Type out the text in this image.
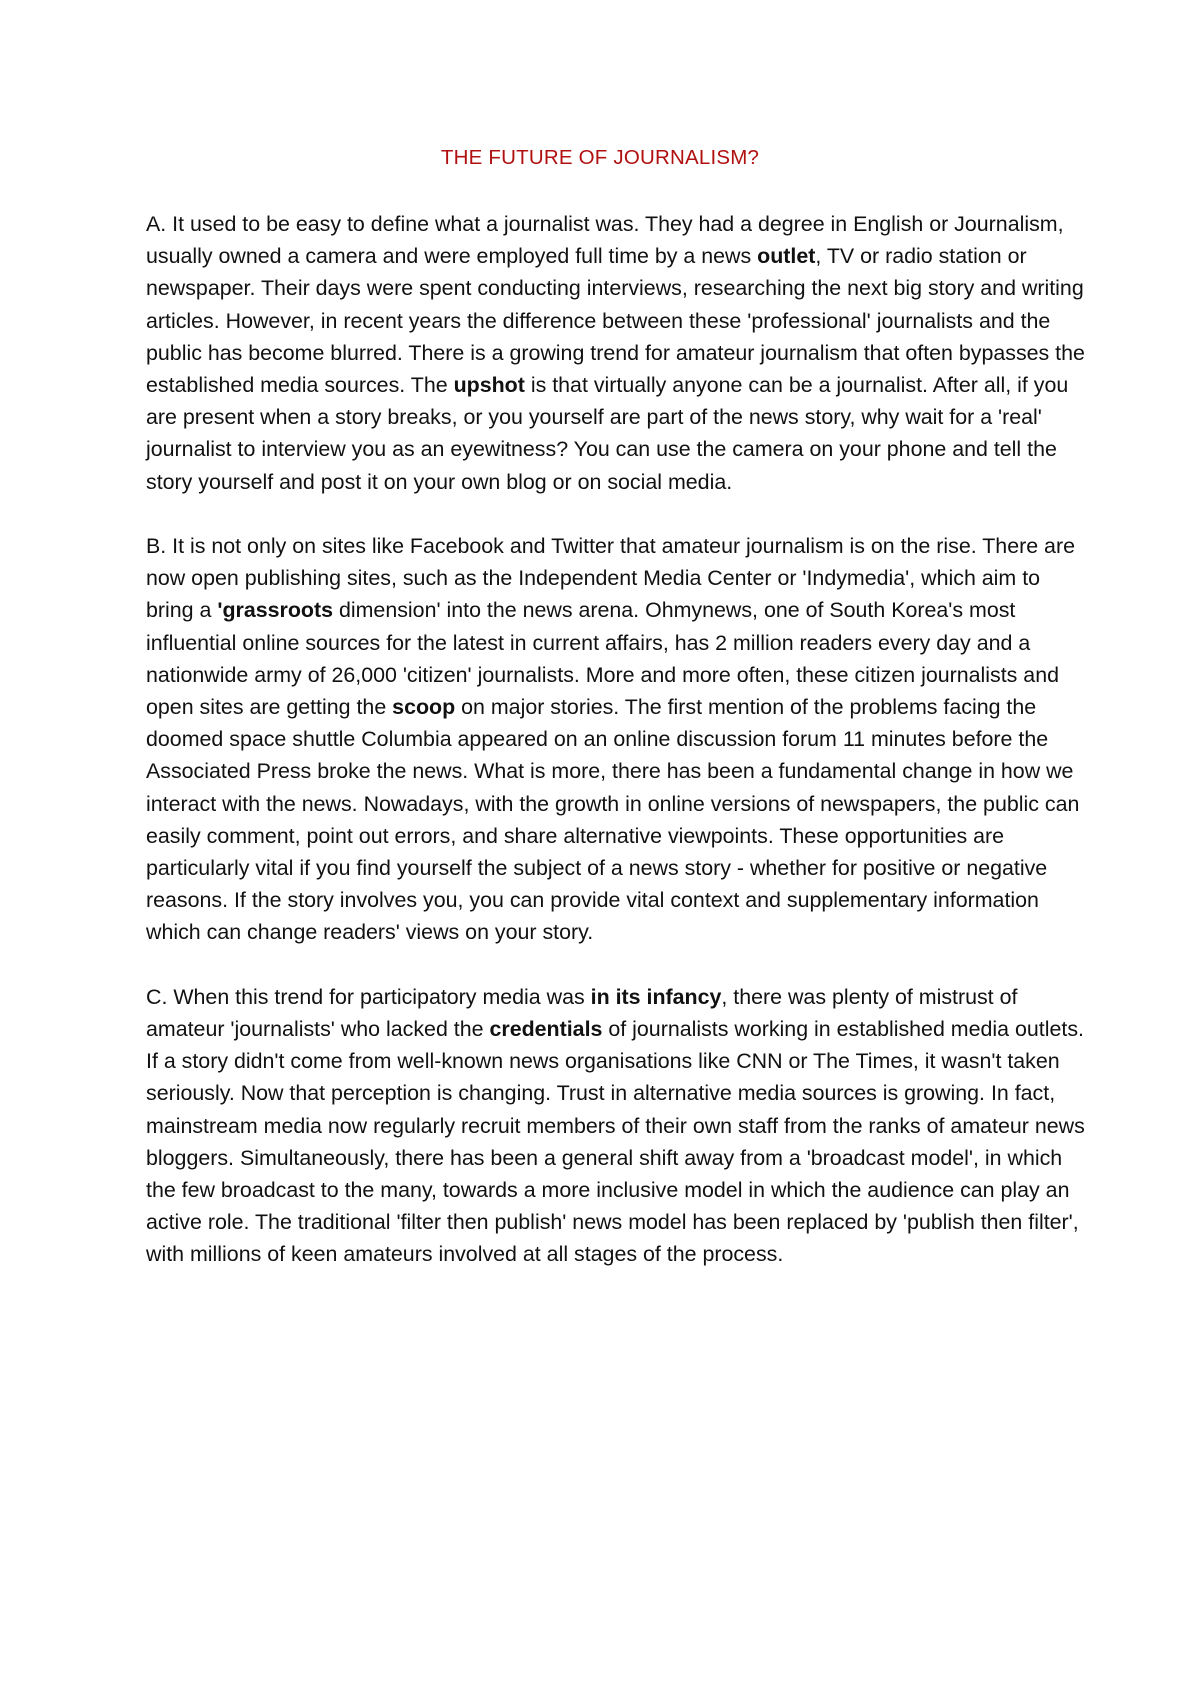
THE FUTURE OF JOURNALISM?

A. It used to be easy to define what a journalist was. They had a degree in English or Journalism, usually owned a camera and were employed full time by a news outlet, TV or radio station or newspaper. Their days were spent conducting interviews, researching the next big story and writing articles. However, in recent years the difference between these 'professional' journalists and the public has become blurred. There is a growing trend for amateur journalism that often bypasses the established media sources. The upshot is that virtually anyone can be a journalist. After all, if you are present when a story breaks, or you yourself are part of the news story, why wait for a 'real' journalist to interview you as an eyewitness? You can use the camera on your phone and tell the story yourself and post it on your own blog or on social media.

B. It is not only on sites like Facebook and Twitter that amateur journalism is on the rise. There are now open publishing sites, such as the Independent Media Center or 'Indymedia', which aim to bring a 'grassroots dimension' into the news arena. Ohmynews, one of South Korea's most influential online sources for the latest in current affairs, has 2 million readers every day and a nationwide army of 26,000 'citizen' journalists. More and more often, these citizen journalists and open sites are getting the scoop on major stories. The first mention of the problems facing the doomed space shuttle Columbia appeared on an online discussion forum 11 minutes before the Associated Press broke the news. What is more, there has been a fundamental change in how we interact with the news. Nowadays, with the growth in online versions of newspapers, the public can easily comment, point out errors, and share alternative viewpoints. These opportunities are particularly vital if you find yourself the subject of a news story - whether for positive or negative reasons. If the story involves you, you can provide vital context and supplementary information which can change readers' views on your story.

C. When this trend for participatory media was in its infancy, there was plenty of mistrust of amateur 'journalists' who lacked the credentials of journalists working in established media outlets. If a story didn't come from well-known news organisations like CNN or The Times, it wasn't taken seriously. Now that perception is changing. Trust in alternative media sources is growing. In fact, mainstream media now regularly recruit members of their own staff from the ranks of amateur news bloggers. Simultaneously, there has been a general shift away from a 'broadcast model', in which the few broadcast to the many, towards a more inclusive model in which the audience can play an active role. The traditional 'filter then publish' news model has been replaced by 'publish then filter', with millions of keen amateurs involved at all stages of the process.
